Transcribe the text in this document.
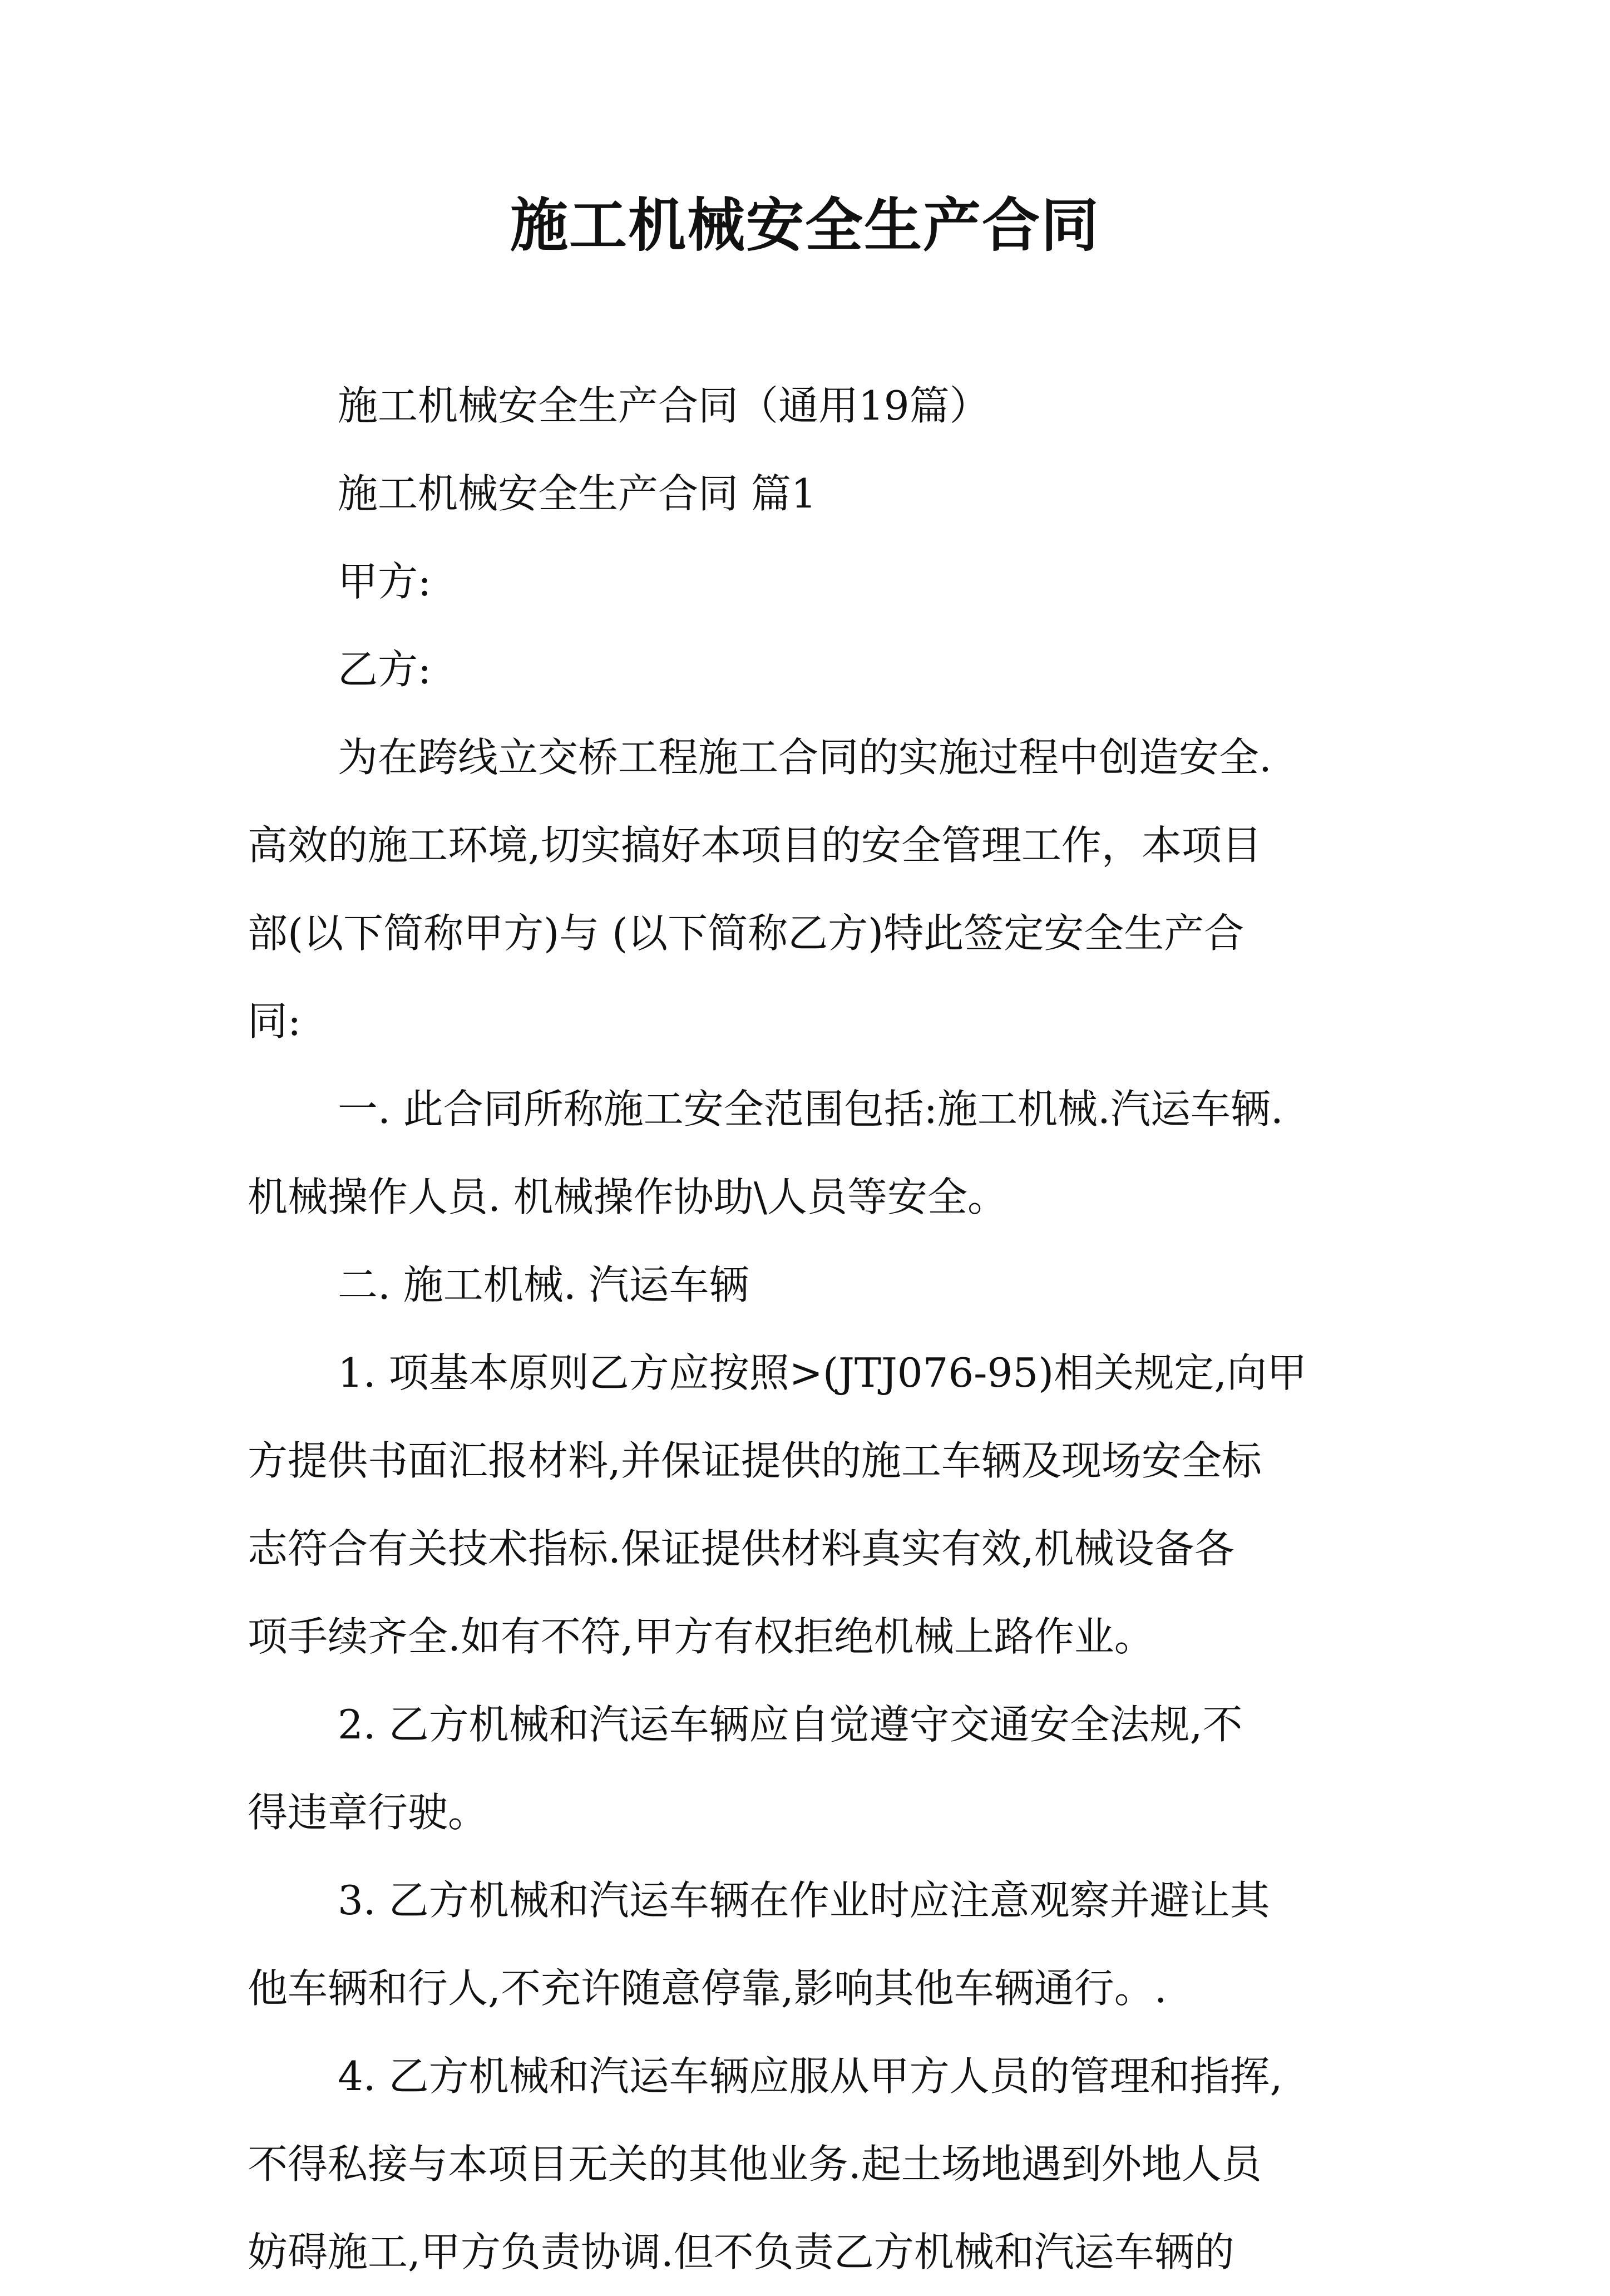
施工机械安全生产合同
施工机械安全生产合同（通用19篇）
施工机械安全生产合同 篇1
甲方:
乙方:
为在跨线立交桥工程施工合同的实施过程中创造安全.
高效的施工环境,切实搞好本项目的安全管理工作，本项目
部(以下简称甲方)与 (以下简称乙方)特此签定安全生产合
同:
一. 此合同所称施工安全范围包括:施工机械.汽运车辆.
机械操作人员. 机械操作协助\人员等安全。
二. 施工机械. 汽运车辆
1. 项基本原则乙方应按照>(JTJ076-95)相关规定,向甲
方提供书面汇报材料,并保证提供的施工车辆及现场安全标
志符合有关技术指标.保证提供材料真实有效,机械设备各
项手续齐全.如有不符,甲方有权拒绝机械上路作业。
2. 乙方机械和汽运车辆应自觉遵守交通安全法规,不
得违章行驶。
3. 乙方机械和汽运车辆在作业时应注意观察并避让其
他车辆和行人,不充许随意停靠,影响其他车辆通行。.
4. 乙方机械和汽运车辆应服从甲方人员的管理和指挥,
不得私接与本项目无关的其他业务.起土场地遇到外地人员
妨碍施工,甲方负责协调.但不负责乙方机械和汽运车辆的
